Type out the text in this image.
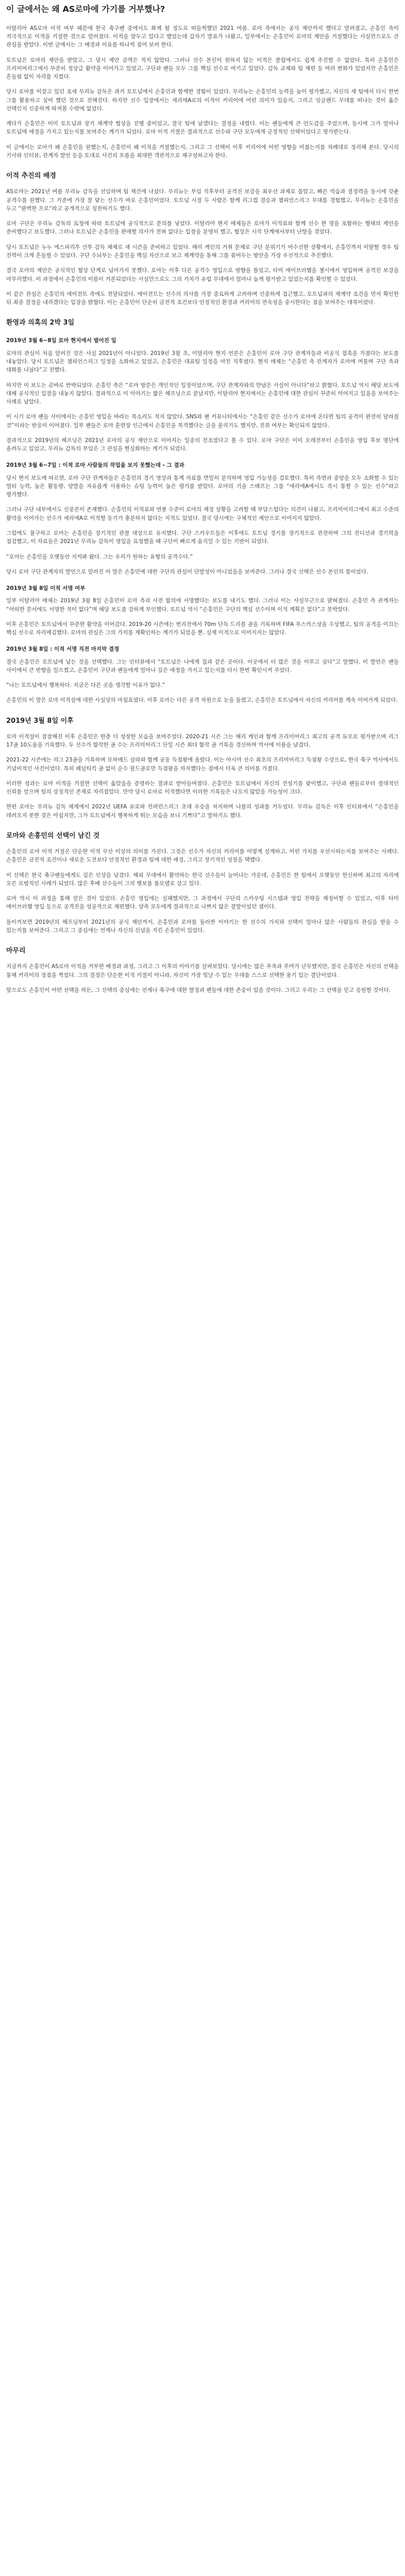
이 글에서는 왜 AS로마에 가기를 거부했나?

이탈리아 AS로마 이적 여부 때문에 한국 축구팬 중에서도 화제 될 정도로 떠들썩했던 2021 여름. 로마 측에서는 공식 제안까지 했다고 알려졌고, 손흥민 측이 적극적으로 이적을 거절한 것으로 알려졌다. 이적을 앞두고 있다고 했었는데 갑자기 발표가 나왔고, 일부에서는 손흥민이 로마의 제안을 거절했다는 사실만으로도 큰 관심을 받았다. 이번 글에서는 그 배경과 이유를 하나씩 짚어 보려 한다.

토트넘은 로마의 제안을 받았고, 그 당시 제안 금액은 적지 않았다. 그러나 선수 본인이 원하지 않는 이적은 클럽에서도 쉽게 추진할 수 없었다. 특히 손흥민은 프리미어리그에서 꾸준히 정상급 활약을 이어가고 있었고, 구단과 팬들 모두 그를 핵심 선수로 여기고 있었다. 감독 교체와 팀 재편 등 여러 변화가 있었지만 손흥민은 흔들림 없이 자리를 지켰다.

당시 로마를 이끌고 있던 조세 무리뉴 감독은 과거 토트넘에서 손흥민과 함께한 경험이 있었다. 무리뉴는 손흥민의 능력을 높이 평가했고, 자신의 새 팀에서 다시 한번 그를 활용하고 싶어 했던 것으로 전해진다. 하지만 선수 입장에서는 세리에A로의 이적이 커리어에 어떤 의미가 있을지, 그리고 잉글랜드 무대를 떠나는 것이 옳은 선택인지 신중하게 따져볼 수밖에 없었다.

게다가 손흥민은 이미 토트넘과 장기 재계약 협상을 진행 중이었고, 결국 팀에 남겠다는 결정을 내렸다. 이는 팬들에게 큰 안도감을 주었으며, 동시에 그가 얼마나 토트넘에 애정을 가지고 있는지를 보여주는 계기가 되었다. 로마 이적 거절은 결과적으로 선수와 구단 모두에게 긍정적인 선택이었다고 평가받는다.

이 글에서는 로마가 왜 손흥민을 원했는지, 손흥민이 왜 이적을 거절했는지, 그리고 그 선택이 이후 커리어에 어떤 영향을 미쳤는지를 차례대로 정리해 본다. 당시의 기사와 인터뷰, 관계자 발언 등을 토대로 사건의 흐름을 최대한 객관적으로 재구성하고자 한다.

이적 추진의 배경

AS로마는 2021년 여름 무리뉴 감독을 선임하며 팀 재건에 나섰다. 무리뉴는 부임 직후부터 공격진 보강을 최우선 과제로 꼽았고, 빠른 역습과 결정력을 동시에 갖춘 공격수를 원했다. 그 기준에 가장 잘 맞는 선수가 바로 손흥민이었다. 토트넘 시절 두 사람은 함께 리그컵 결승과 챔피언스리그 무대를 경험했고, 무리뉴는 손흥민을 두고 “완벽한 프로”라고 공개적으로 칭찬하기도 했다.

로마 구단은 무리뉴 감독의 요청에 따라 토트넘에 공식적으로 문의를 넣었다. 이탈리아 현지 매체들은 로마가 이적료와 함께 선수 한 명을 포함하는 형태의 제안을 준비했다고 보도했다. 그러나 토트넘은 손흥민을 판매할 의사가 전혀 없다는 입장을 분명히 했고, 협상은 시작 단계에서부터 난항을 겪었다.

당시 토트넘은 누누 에스피리투 산투 감독 체제로 새 시즌을 준비하고 있었다. 해리 케인의 거취 문제로 구단 분위기가 어수선한 상황에서, 손흥민까지 이탈할 경우 팀 전력이 크게 흔들릴 수 있었다. 구단 수뇌부는 손흥민을 핵심 자산으로 보고 재계약을 통해 그를 묶어두는 방안을 가장 우선적으로 추진했다.

결국 로마의 제안은 공식적인 협상 단계로 넘어가지 못했다. 로마는 이후 다른 공격수 영입으로 방향을 틀었고, 타미 에이브러햄을 첼시에서 영입하며 공격진 보강을 마무리했다. 이 과정에서 손흥민의 이름이 거론되었다는 사실만으로도 그의 가치가 유럽 무대에서 얼마나 높게 평가받고 있었는지를 확인할 수 있었다.

이 같은 관심은 손흥민의 에이전트 측에도 전달되었다. 에이전트는 선수의 의사를 가장 중요하게 고려하며 신중하게 접근했고, 토트넘과의 재계약 조건을 먼저 확인한 뒤 최종 결정을 내리겠다는 입장을 밝혔다. 이는 손흥민이 단순히 금전적 조건보다 안정적인 환경과 커리어의 연속성을 중시한다는 점을 보여주는 대목이었다.

환영과 의혹의 2박 3일
2019년 3월 6~8일 로마 현지에서 벌어진 일

로마의 관심이 처음 알려진 것은 사실 2021년이 아니었다. 2019년 3월 초, 이탈리아 현지 언론은 손흥민이 로마 구단 관계자들과 비공식 접촉을 가졌다는 보도를 내놓았다. 당시 토트넘은 챔피언스리그 일정을 소화하고 있었고, 손흥민은 대표팀 일정을 마친 직후였다. 현지 매체는 “손흥민 측 관계자가 로마에 머물며 구단 측과 대화를 나눴다”고 전했다.

하지만 이 보도는 곧바로 반박되었다. 손흥민 측은 “로마 방문은 개인적인 일정이었으며, 구단 관계자와의 만남은 사실이 아니다”라고 밝혔다. 토트넘 역시 해당 보도에 대해 공식적인 입장을 내놓지 않았다. 결과적으로 이 이야기는 짧은 해프닝으로 끝났지만, 이탈리아 현지에서는 손흥민에 대한 관심이 꾸준히 이어지고 있음을 보여주는 사례로 남았다.

이 시기 로마 팬들 사이에서는 손흥민 영입을 바라는 목소리도 적지 않았다. SNS와 팬 커뮤니티에서는 “손흥민 같은 선수가 로마에 온다면 팀의 공격이 완전히 달라질 것”이라는 반응이 이어졌다. 일부 팬들은 로마 훈련장 인근에서 손흥민을 목격했다는 글을 올리기도 했지만, 진위 여부는 확인되지 않았다.

결과적으로 2019년의 해프닝은 2021년 로마의 공식 제안으로 이어지는 일종의 전조였다고 볼 수 있다. 로마 구단은 이미 오래전부터 손흥민을 영입 후보 명단에 올려두고 있었고, 무리뉴 감독의 부임은 그 관심을 현실화하는 계기가 되었다.

2019년 3월 6~7일 : 이적 로마 사람들의 작업을 보지 못했는데 - 그 결과

당시 현지 보도에 따르면, 로마 구단 관계자들은 손흥민의 경기 영상과 통계 자료를 면밀히 분석하며 영입 가능성을 검토했다. 특히 측면과 중앙을 모두 소화할 수 있는 멀티 능력, 높은 활동량, 양발을 자유롭게 사용하는 슈팅 능력이 높은 평가를 받았다. 로마의 기술 스태프는 그를 “세리에A에서도 즉시 통할 수 있는 선수”라고 평가했다.

그러나 구단 내부에서도 신중론이 존재했다. 손흥민의 이적료와 연봉 수준이 로마의 재정 상황을 고려할 때 부담스럽다는 의견이 나왔고, 프리미어리그에서 최고 수준의 활약을 이어가는 선수가 세리에A로 이적할 동기가 충분하지 않다는 지적도 있었다. 결국 당시에는 구체적인 제안으로 이어지지 않았다.

그럼에도 불구하고 로마는 손흥민을 장기적인 관찰 대상으로 유지했다. 구단 스카우트들은 이후에도 토트넘 경기를 정기적으로 관전하며 그의 컨디션과 경기력을 점검했고, 이 자료들은 2021년 무리뉴 감독이 영입을 요청했을 때 구단이 빠르게 움직일 수 있는 기반이 되었다.

“로마는 손흥민을 오랫동안 지켜봐 왔다. 그는 우리가 원하는 유형의 공격수다.”

당시 로마 구단 관계자의 발언으로 알려진 이 말은 손흥민에 대한 구단의 관심이 단발성이 아니었음을 보여준다. 그러나 결국 선택은 선수 본인의 몫이었다.

2019년 3월 8일 이적 서명 여부

일부 이탈리아 매체는 2019년 3월 8일 손흥민이 로마 측과 사전 합의에 서명했다는 보도를 내기도 했다. 그러나 이는 사실무근으로 밝혀졌다. 손흥민 측 관계자는 “어떠한 문서에도 서명한 적이 없다”며 해당 보도를 강하게 부인했다. 토트넘 역시 “손흥민은 구단의 핵심 선수이며 이적 계획은 없다”고 못박았다.

이후 손흥민은 토트넘에서 꾸준한 활약을 이어갔다. 2019-20 시즌에는 번리전에서 70m 단독 드리블 골을 기록하며 FIFA 푸스카스상을 수상했고, 팀의 공격을 이끄는 핵심 선수로 자리매김했다. 로마의 관심은 그의 가치를 재확인하는 계기가 되었을 뿐, 실제 이적으로 이어지지는 않았다.

2019년 3월 8일 : 이적 서명 직전 마지막 결정

결국 손흥민은 토트넘에 남는 것을 선택했다. 그는 인터뷰에서 “토트넘은 나에게 집과 같은 곳이다. 이곳에서 더 많은 것을 이루고 싶다”고 말했다. 이 발언은 팬들 사이에서 큰 반향을 일으켰고, 손흥민이 구단과 팬들에게 얼마나 깊은 애정을 가지고 있는지를 다시 한번 확인시켜 주었다.

“나는 토트넘에서 행복하다. 지금은 다른 곳을 생각할 이유가 없다.”

손흥민의 이 말은 로마 이적설에 대한 사실상의 마침표였다. 이후 로마는 다른 공격 자원으로 눈을 돌렸고, 손흥민은 토트넘에서 자신의 커리어를 계속 이어가게 되었다.

2019년 3월 8일 이후

로마 이적설이 잠잠해진 이후 손흥민은 한층 더 성장한 모습을 보여주었다. 2020-21 시즌 그는 해리 케인과 함께 프리미어리그 최고의 공격 듀오로 평가받으며 리그 17골 10도움을 기록했다. 두 선수가 합작한 골 수는 프리미어리그 단일 시즌 최다 합작 골 기록을 경신하며 역사에 이름을 남겼다.

2021-22 시즌에는 리그 23골을 기록하며 모하메드 살라와 함께 공동 득점왕에 올랐다. 이는 아시아 선수 최초의 프리미어리그 득점왕 수상으로, 한국 축구 역사에서도 기념비적인 사건이었다. 특히 페널티킥 골 없이 순수 필드골로만 득점왕을 차지했다는 점에서 더욱 큰 의미를 가졌다.

이러한 성과는 로마 이적을 거절한 선택이 옳았음을 증명하는 결과로 받아들여졌다. 손흥민은 토트넘에서 자신의 전성기를 맞이했고, 구단과 팬들로부터 절대적인 신뢰를 얻으며 팀의 상징적인 존재로 자리잡았다. 만약 당시 로마로 이적했다면 이러한 기록들은 나오지 않았을 가능성이 크다.

한편 로마는 무리뉴 감독 체제에서 2022년 UEFA 유로파 컨퍼런스리그 초대 우승을 차지하며 나름의 성과를 거두었다. 무리뉴 감독은 이후 인터뷰에서 “손흥민을 데려오지 못한 것은 아쉽지만, 그가 토트넘에서 행복하게 뛰는 모습을 보니 기쁘다”고 말하기도 했다.

로마와 손흥민의 선택이 남긴 것

손흥민의 로마 이적 거절은 단순한 이적 무산 이상의 의미를 가진다. 그것은 선수가 자신의 커리어를 어떻게 설계하고, 어떤 가치를 우선시하는지를 보여주는 사례다. 손흥민은 금전적 조건이나 새로운 도전보다 안정적인 환경과 팀에 대한 애정, 그리고 장기적인 성장을 택했다.

이 선택은 한국 축구팬들에게도 깊은 인상을 남겼다. 해외 무대에서 활약하는 한국 선수들이 늘어나는 가운데, 손흥민은 한 팀에서 오랫동안 헌신하며 최고의 자리에 오른 모범적인 사례가 되었다. 많은 후배 선수들이 그의 행보를 롤모델로 삼고 있다.

로마 역시 이 과정을 통해 얻은 것이 있었다. 손흥민 영입에는 실패했지만, 그 과정에서 구단의 스카우팅 시스템과 영입 전략을 재정비할 수 있었고, 이후 타미 에이브러햄 영입 등으로 공격진을 성공적으로 재편했다. 양측 모두에게 결과적으로 나쁘지 않은 결말이었던 셈이다.

돌이켜보면 2019년의 해프닝부터 2021년의 공식 제안까지, 손흥민과 로마를 둘러싼 이야기는 한 선수의 가치와 선택이 얼마나 많은 사람들의 관심을 받을 수 있는지를 보여준다. 그리고 그 중심에는 언제나 자신의 신념을 지킨 손흥민이 있었다.

마무리

지금까지 손흥민이 AS로마 이적을 거부한 배경과 과정, 그리고 그 이후의 이야기를 살펴보았다. 당시에는 많은 추측과 루머가 난무했지만, 결국 손흥민은 자신의 선택을 통해 커리어의 정점을 찍었다. 그의 결정은 단순한 이적 거절이 아니라, 자신이 가장 빛날 수 있는 무대를 스스로 선택한 용기 있는 결단이었다.

앞으로도 손흥민이 어떤 선택을 하든, 그 선택의 중심에는 언제나 축구에 대한 열정과 팬들에 대한 존중이 있을 것이다. 그리고 우리는 그 선택을 믿고 응원할 것이다.
